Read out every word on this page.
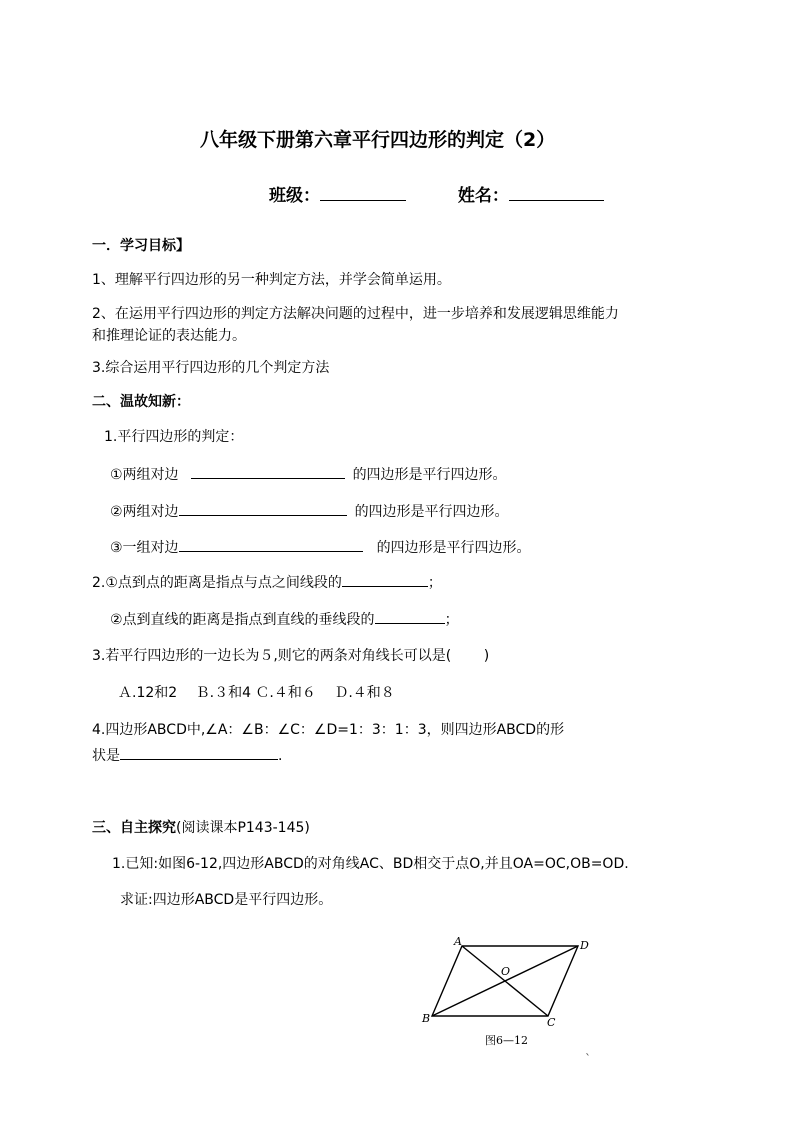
八年级下册第六章平行四边形的判定（2）
班级：	姓名：
一．学习目标】
1、理解平行四边形的另一种判定方法，并学会简单运用。
2、在运用平行四边形的判定方法解决问题的过程中，进一步培养和发展逻辑思维能力
和推理论证的表达能力。
3.综合运用平行四边形的几个判定方法
二、温故知新：
1.平行四边形的判定：
①两组对边	的四边形是平行四边形。
②两组对边	的四边形是平行四边形。
③一组对边	的四边形是平行四边形。
2.①点到点的距离是指点与点之间线段的	；
②点到直线的距离是指点到直线的垂线段的	；
3.若平行四边形的一边长为５,则它的两条对角线长可以是(　　 )
Ａ.12和2　 Ｂ.３和4 Ｃ.４和６　 Ｄ.４和８
4.四边形ABCD中,∠A：∠B：∠C：∠D=1：3：1：3，则四边形ABCD的形
状是	.
三、自主探究(阅读课本P143-145)
1.已知:如图6-12,四边形ABCD的对角线AC、BD相交于点O,并且OA=OC,OB=OD.
求证:四边形ABCD是平行四边形。
A	D
O
B	C
图6—12
ˋ
